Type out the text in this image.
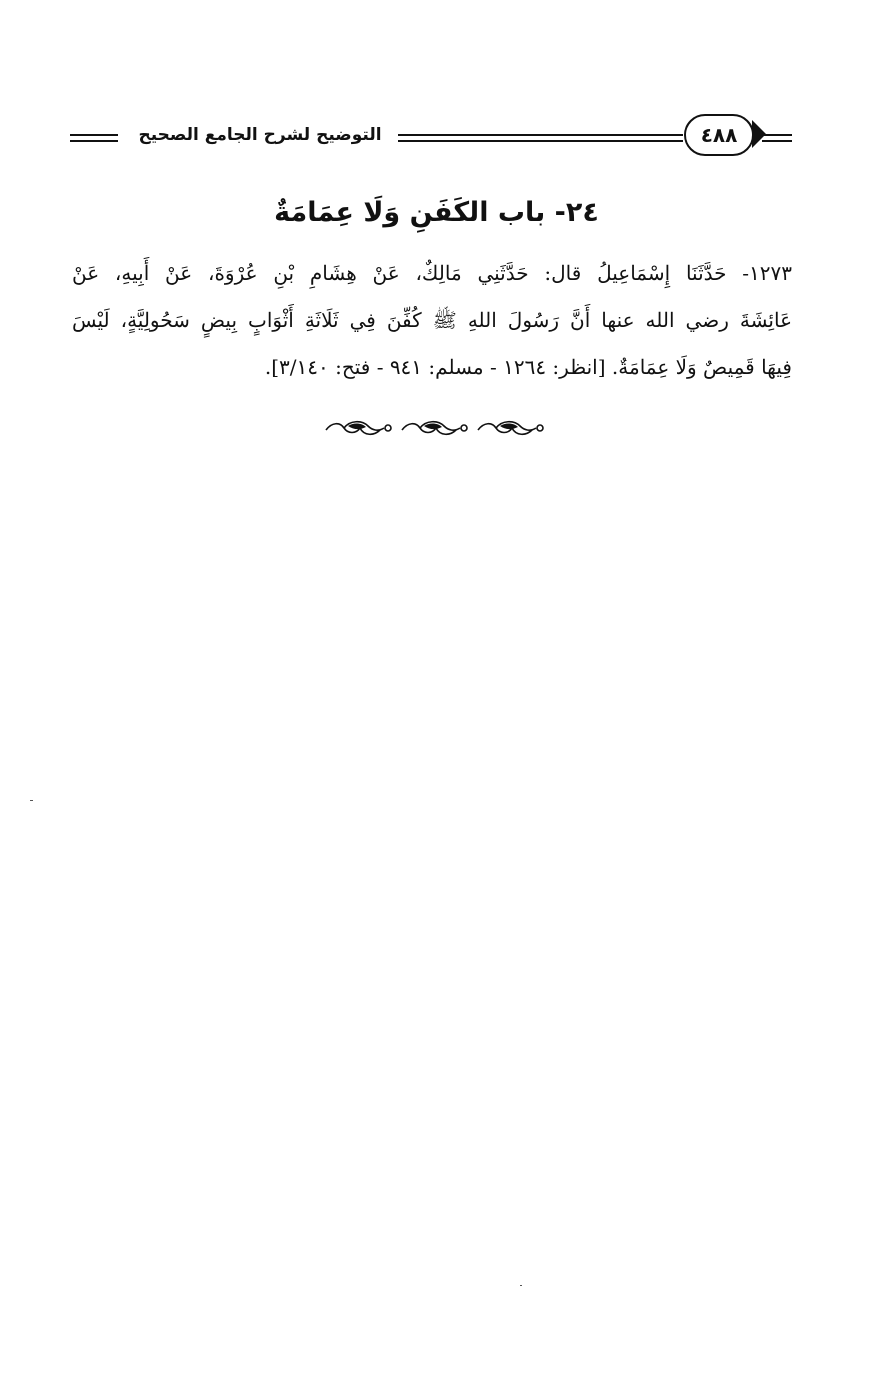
التوضيح لشرح الجامع الصحيح	٤٨٨
٢٤- باب الكَفَنِ وَلَا عِمَامَةٌ
١٢٧٣- حَدَّثَنَا إِسْمَاعِيلُ قال: حَدَّثَنِي مَالِكٌ، عَنْ هِشَامِ بْنِ عُرْوَةَ، عَنْ أَبِيهِ، عَنْ
عَائِشَةَ رضي الله عنها أَنَّ رَسُولَ اللهِ ﷺ كُفِّنَ فِي ثَلَاثَةِ أَثْوَابٍ بِيضٍ سَحُولِيَّةٍ، لَيْسَ
فِيهَا قَمِيصٌ وَلَا عِمَامَةٌ. [انظر: ١٢٦٤ - مسلم: ٩٤١ - فتح: ٣/١٤٠].
